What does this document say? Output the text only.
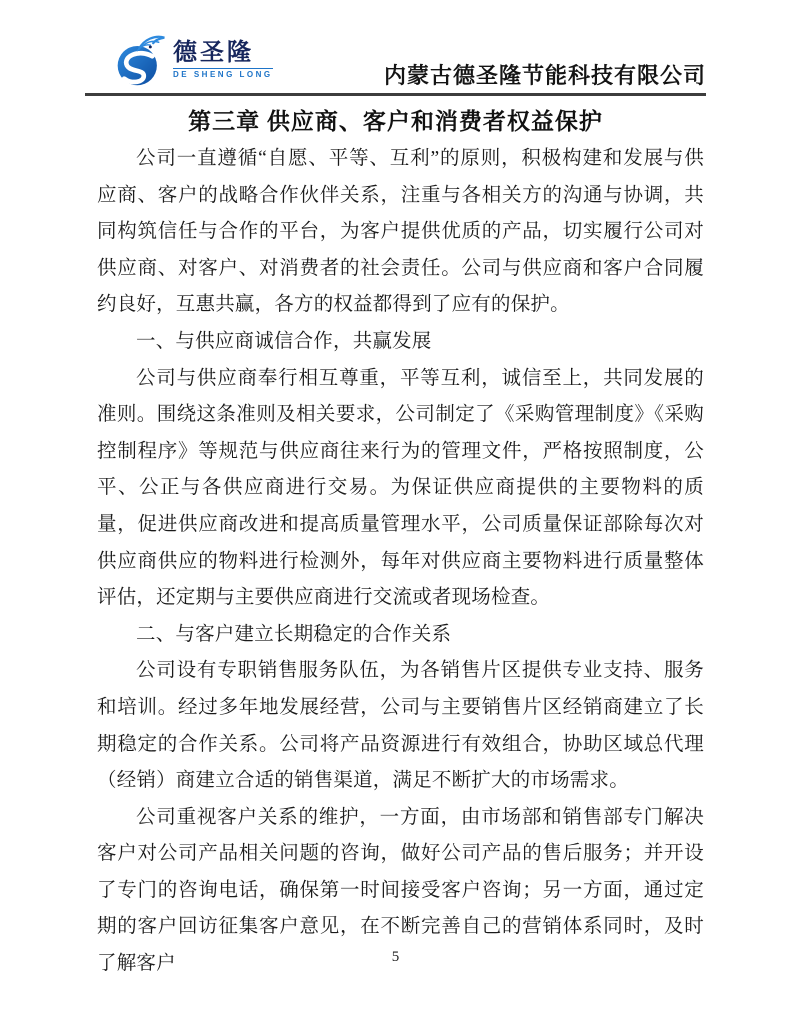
德圣隆
DE SHENG LONG	内蒙古德圣隆节能科技有限公司
第三章 供应商、客户和消费者权益保护

公司一直遵循“自愿、平等、互利”的原则，积极构建和发展与供应商、客户的战略合作伙伴关系，注重与各相关方的沟通与协调，共同构筑信任与合作的平台，为客户提供优质的产品，切实履行公司对供应商、对客户、对消费者的社会责任。公司与供应商和客户合同履约良好，互惠共赢，各方的权益都得到了应有的保护。

一、与供应商诚信合作，共赢发展

公司与供应商奉行相互尊重，平等互利，诚信至上，共同发展的准则。围绕这条准则及相关要求，公司制定了《采购管理制度》《采购控制程序》等规范与供应商往来行为的管理文件，严格按照制度，公平、公正与各供应商进行交易。为保证供应商提供的主要物料的质量，促进供应商改进和提高质量管理水平，公司质量保证部除每次对供应商供应的物料进行检测外，每年对供应商主要物料进行质量整体评估，还定期与主要供应商进行交流或者现场检查。

二、与客户建立长期稳定的合作关系

公司设有专职销售服务队伍，为各销售片区提供专业支持、服务和培训。经过多年地发展经营，公司与主要销售片区经销商建立了长期稳定的合作关系。公司将产品资源进行有效组合，协助区域总代理（经销）商建立合适的销售渠道，满足不断扩大的市场需求。

公司重视客户关系的维护，一方面，由市场部和销售部专门解决客户对公司产品相关问题的咨询，做好公司产品的售后服务；并开设了专门的咨询电话，确保第一时间接受客户咨询；另一方面，通过定期的客户回访征集客户意见，在不断完善自己的营销体系同时，及时了解客户	5
